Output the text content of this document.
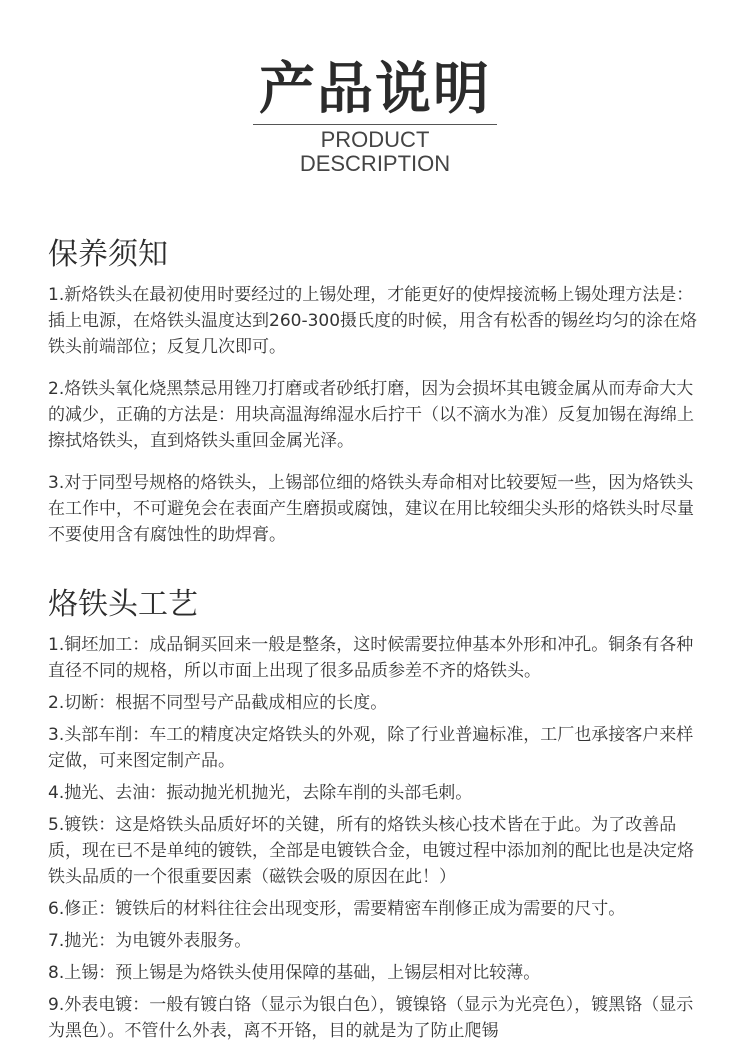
产品说明
PRODUCT DESCRIPTION
保养须知

1.新烙铁头在最初使用时要经过的上锡处理，才能更好的使焊接流畅上锡处理方法是：插上电源，在烙铁头温度达到260-300摄氏度的时候，用含有松香的锡丝均匀的涂在烙铁头前端部位；反复几次即可。

2.烙铁头氧化烧黑禁忌用锉刀打磨或者砂纸打磨，因为会损坏其电镀金属从而寿命大大的减少，正确的方法是：用块高温海绵湿水后拧干（以不滴水为准）反复加锡在海绵上擦拭烙铁头，直到烙铁头重回金属光泽。

3.对于同型号规格的烙铁头，上锡部位细的烙铁头寿命相对比较要短一些，因为烙铁头在工作中，不可避免会在表面产生磨损或腐蚀，建议在用比较细尖头形的烙铁头时尽量不要使用含有腐蚀性的助焊膏。

烙铁头工艺

1.铜坯加工：成品铜买回来一般是整条，这时候需要拉伸基本外形和冲孔。铜条有各种直径不同的规格，所以市面上出现了很多品质参差不齐的烙铁头。

2.切断：根据不同型号产品截成相应的长度。

3.头部车削：车工的精度决定烙铁头的外观，除了行业普遍标准，工厂也承接客户来样定做，可来图定制产品。

4.抛光、去油：振动抛光机抛光，去除车削的头部毛刺。

5.镀铁：这是烙铁头品质好坏的关键，所有的烙铁头核心技术皆在于此。为了改善品质，现在已不是单纯的镀铁，全部是电镀铁合金，电镀过程中添加剂的配比也是决定烙铁头品质的一个很重要因素（磁铁会吸的原因在此！）

6.修正：镀铁后的材料往往会出现变形，需要精密车削修正成为需要的尺寸。

7.抛光：为电镀外表服务。

8.上锡：预上锡是为烙铁头使用保障的基础，上锡层相对比较薄。

9.外表电镀：一般有镀白铬（显示为银白色），镀镍铬（显示为光亮色），镀黑铬（显示为黑色）。不管什么外表，离不开铬，目的就是为了防止爬锡
